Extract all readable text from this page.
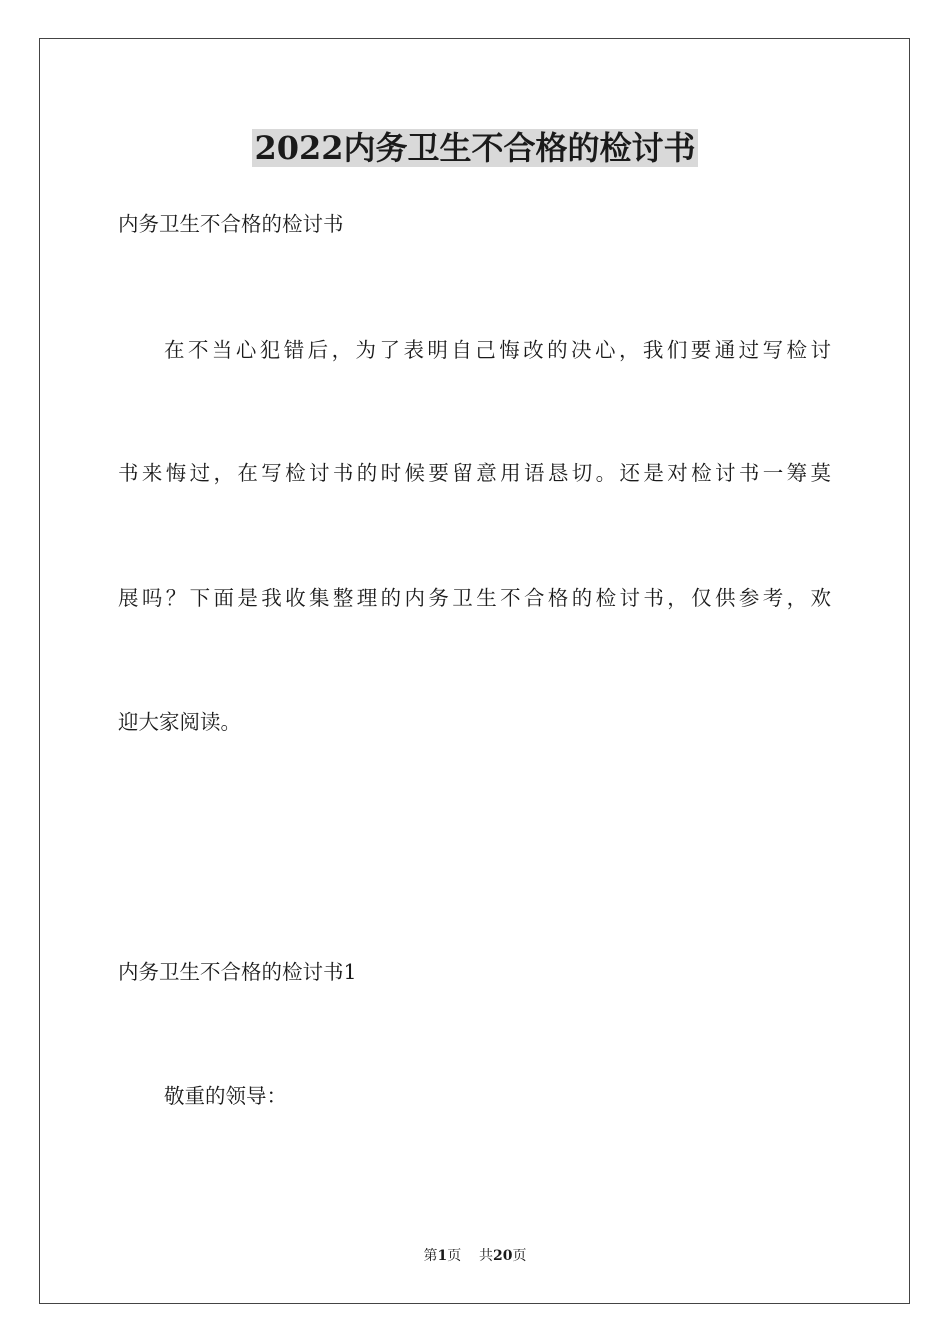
2022内务卫生不合格的检讨书
内务卫生不合格的检讨书
在不当心犯错后，为了表明自己悔改的决心，我们要通过写检讨
书来悔过，在写检讨书的时候要留意用语恳切。还是对检讨书一筹莫
展吗？下面是我收集整理的内务卫生不合格的检讨书，仅供参考，欢
迎大家阅读。
内务卫生不合格的检讨书1
敬重的领导：
第1页 共20页
